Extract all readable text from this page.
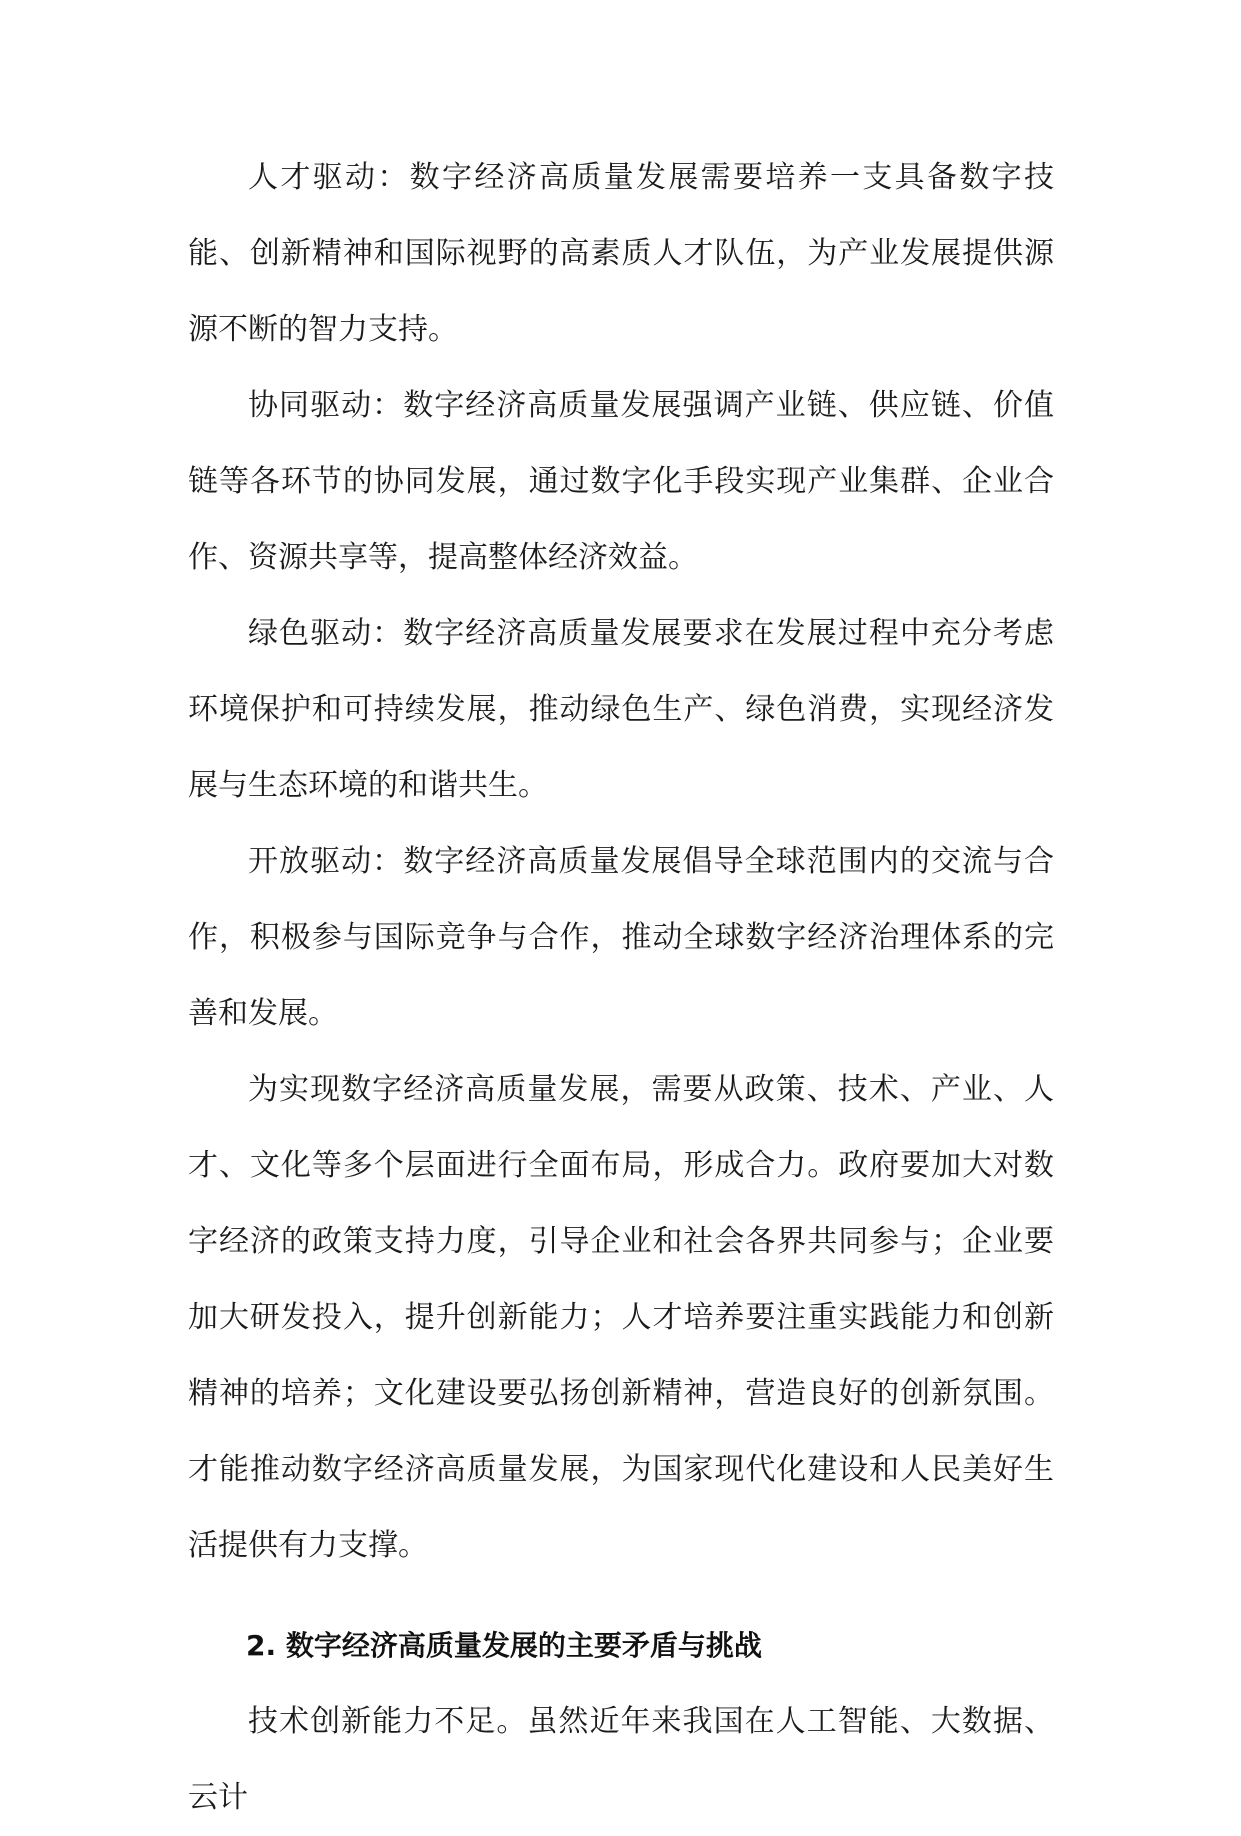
人才驱动：数字经济高质量发展需要培养一支具备数字技能、创新精神和国际视野的高素质人才队伍，为产业发展提供源源不断的智力支持。

协同驱动：数字经济高质量发展强调产业链、供应链、价值链等各环节的协同发展，通过数字化手段实现产业集群、企业合作、资源共享等，提高整体经济效益。

绿色驱动：数字经济高质量发展要求在发展过程中充分考虑环境保护和可持续发展，推动绿色生产、绿色消费，实现经济发展与生态环境的和谐共生。

开放驱动：数字经济高质量发展倡导全球范围内的交流与合作，积极参与国际竞争与合作，推动全球数字经济治理体系的完善和发展。

为实现数字经济高质量发展，需要从政策、技术、产业、人才、文化等多个层面进行全面布局，形成合力。政府要加大对数字经济的政策支持力度，引导企业和社会各界共同参与；企业要加大研发投入，提升创新能力；人才培养要注重实践能力和创新精神的培养；文化建设要弘扬创新精神，营造良好的创新氛围。才能推动数字经济高质量发展，为国家现代化建设和人民美好生活提供有力支撑。

2. 数字经济高质量发展的主要矛盾与挑战

技术创新能力不足。虽然近年来我国在人工智能、大数据、云计
